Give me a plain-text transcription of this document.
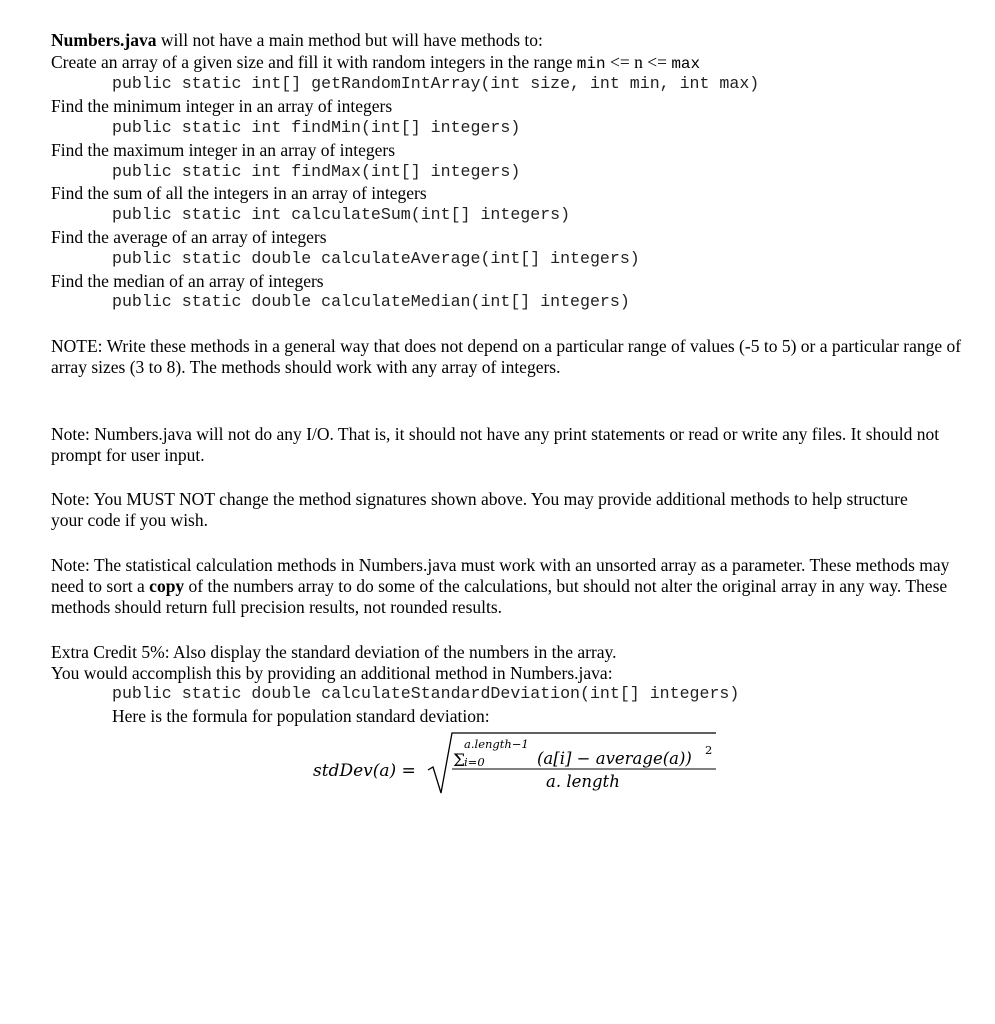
Numbers.java will not have a main method but will have methods to:

Create an array of a given size and fill it with random integers in the range min <= n <= max

public static int[] getRandomIntArray(int size, int min, int max)

Find the minimum integer in an array of integers

public static int findMin(int[] integers)

Find the maximum integer in an array of integers

public static int findMax(int[] integers)

Find the sum of all the integers in an array of integers

public static int calculateSum(int[] integers)

Find the average of an array of integers

public static double calculateAverage(int[] integers)

Find the median of an array of integers

public static double calculateMedian(int[] integers)

NOTE: Write these methods in a general way that does not depend on a particular range of values (-5 to 5) or a particular range of array sizes (3 to 8). The methods should work with any array of integers.

Note: Numbers.java will not do any I/O. That is, it should not have any print statements or read or write any files. It should not prompt for user input.

Note: You MUST NOT change the method signatures shown above. You may provide additional methods to help structure your code if you wish.

Note: The statistical calculation methods in Numbers.java must work with an unsorted array as a parameter. These methods may need to sort a copy of the numbers array to do some of the calculations, but should not alter the original array in any way. These methods should return full precision results, not rounded results.

Extra Credit 5%: Also display the standard deviation of the numbers in the array.

You would accomplish this by providing an additional method in Numbers.java:

public static double calculateStandardDeviation(int[] integers)

Here is the formula for population standard deviation:

stdDev(a) = Σ
a.length−1
i=0	(a[i] − average(a)) 2
a. length
